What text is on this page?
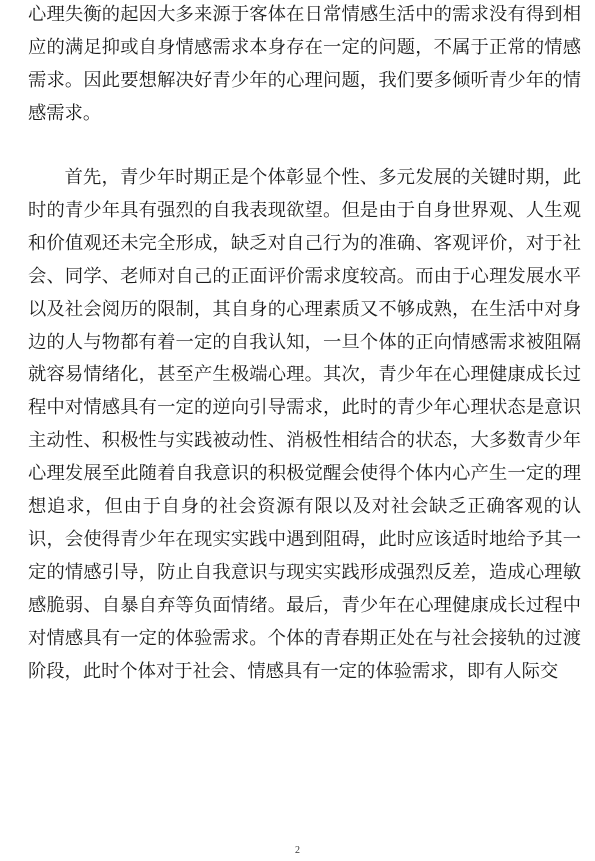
心理失衡的起因大多来源于客体在日常情感生活中的需求没有得到相应的满足抑或自身情感需求本身存在一定的问题，不属于正常的情感需求。因此要想解决好青少年的心理问题，我们要多倾听青少年的情感需求。

首先，青少年时期正是个体彰显个性、多元发展的关键时期，此时的青少年具有强烈的自我表现欲望。但是由于自身世界观、人生观和价值观还未完全形成，缺乏对自己行为的准确、客观评价，对于社会、同学、老师对自己的正面评价需求度较高。而由于心理发展水平以及社会阅历的限制，其自身的心理素质又不够成熟，在生活中对身边的人与物都有着一定的自我认知，一旦个体的正向情感需求被阻隔就容易情绪化，甚至产生极端心理。其次，青少年在心理健康成长过程中对情感具有一定的逆向引导需求，此时的青少年心理状态是意识主动性、积极性与实践被动性、消极性相结合的状态，大多数青少年心理发展至此随着自我意识的积极觉醒会使得个体内心产生一定的理想追求，但由于自身的社会资源有限以及对社会缺乏正确客观的认识，会使得青少年在现实实践中遇到阻碍，此时应该适时地给予其一定的情感引导，防止自我意识与现实实践形成强烈反差，造成心理敏感脆弱、自暴自弃等负面情绪。最后，青少年在心理健康成长过程中对情感具有一定的体验需求。个体的青春期正处在与社会接轨的过渡阶段，此时个体对于社会、情感具有一定的体验需求，即有人际交

2
